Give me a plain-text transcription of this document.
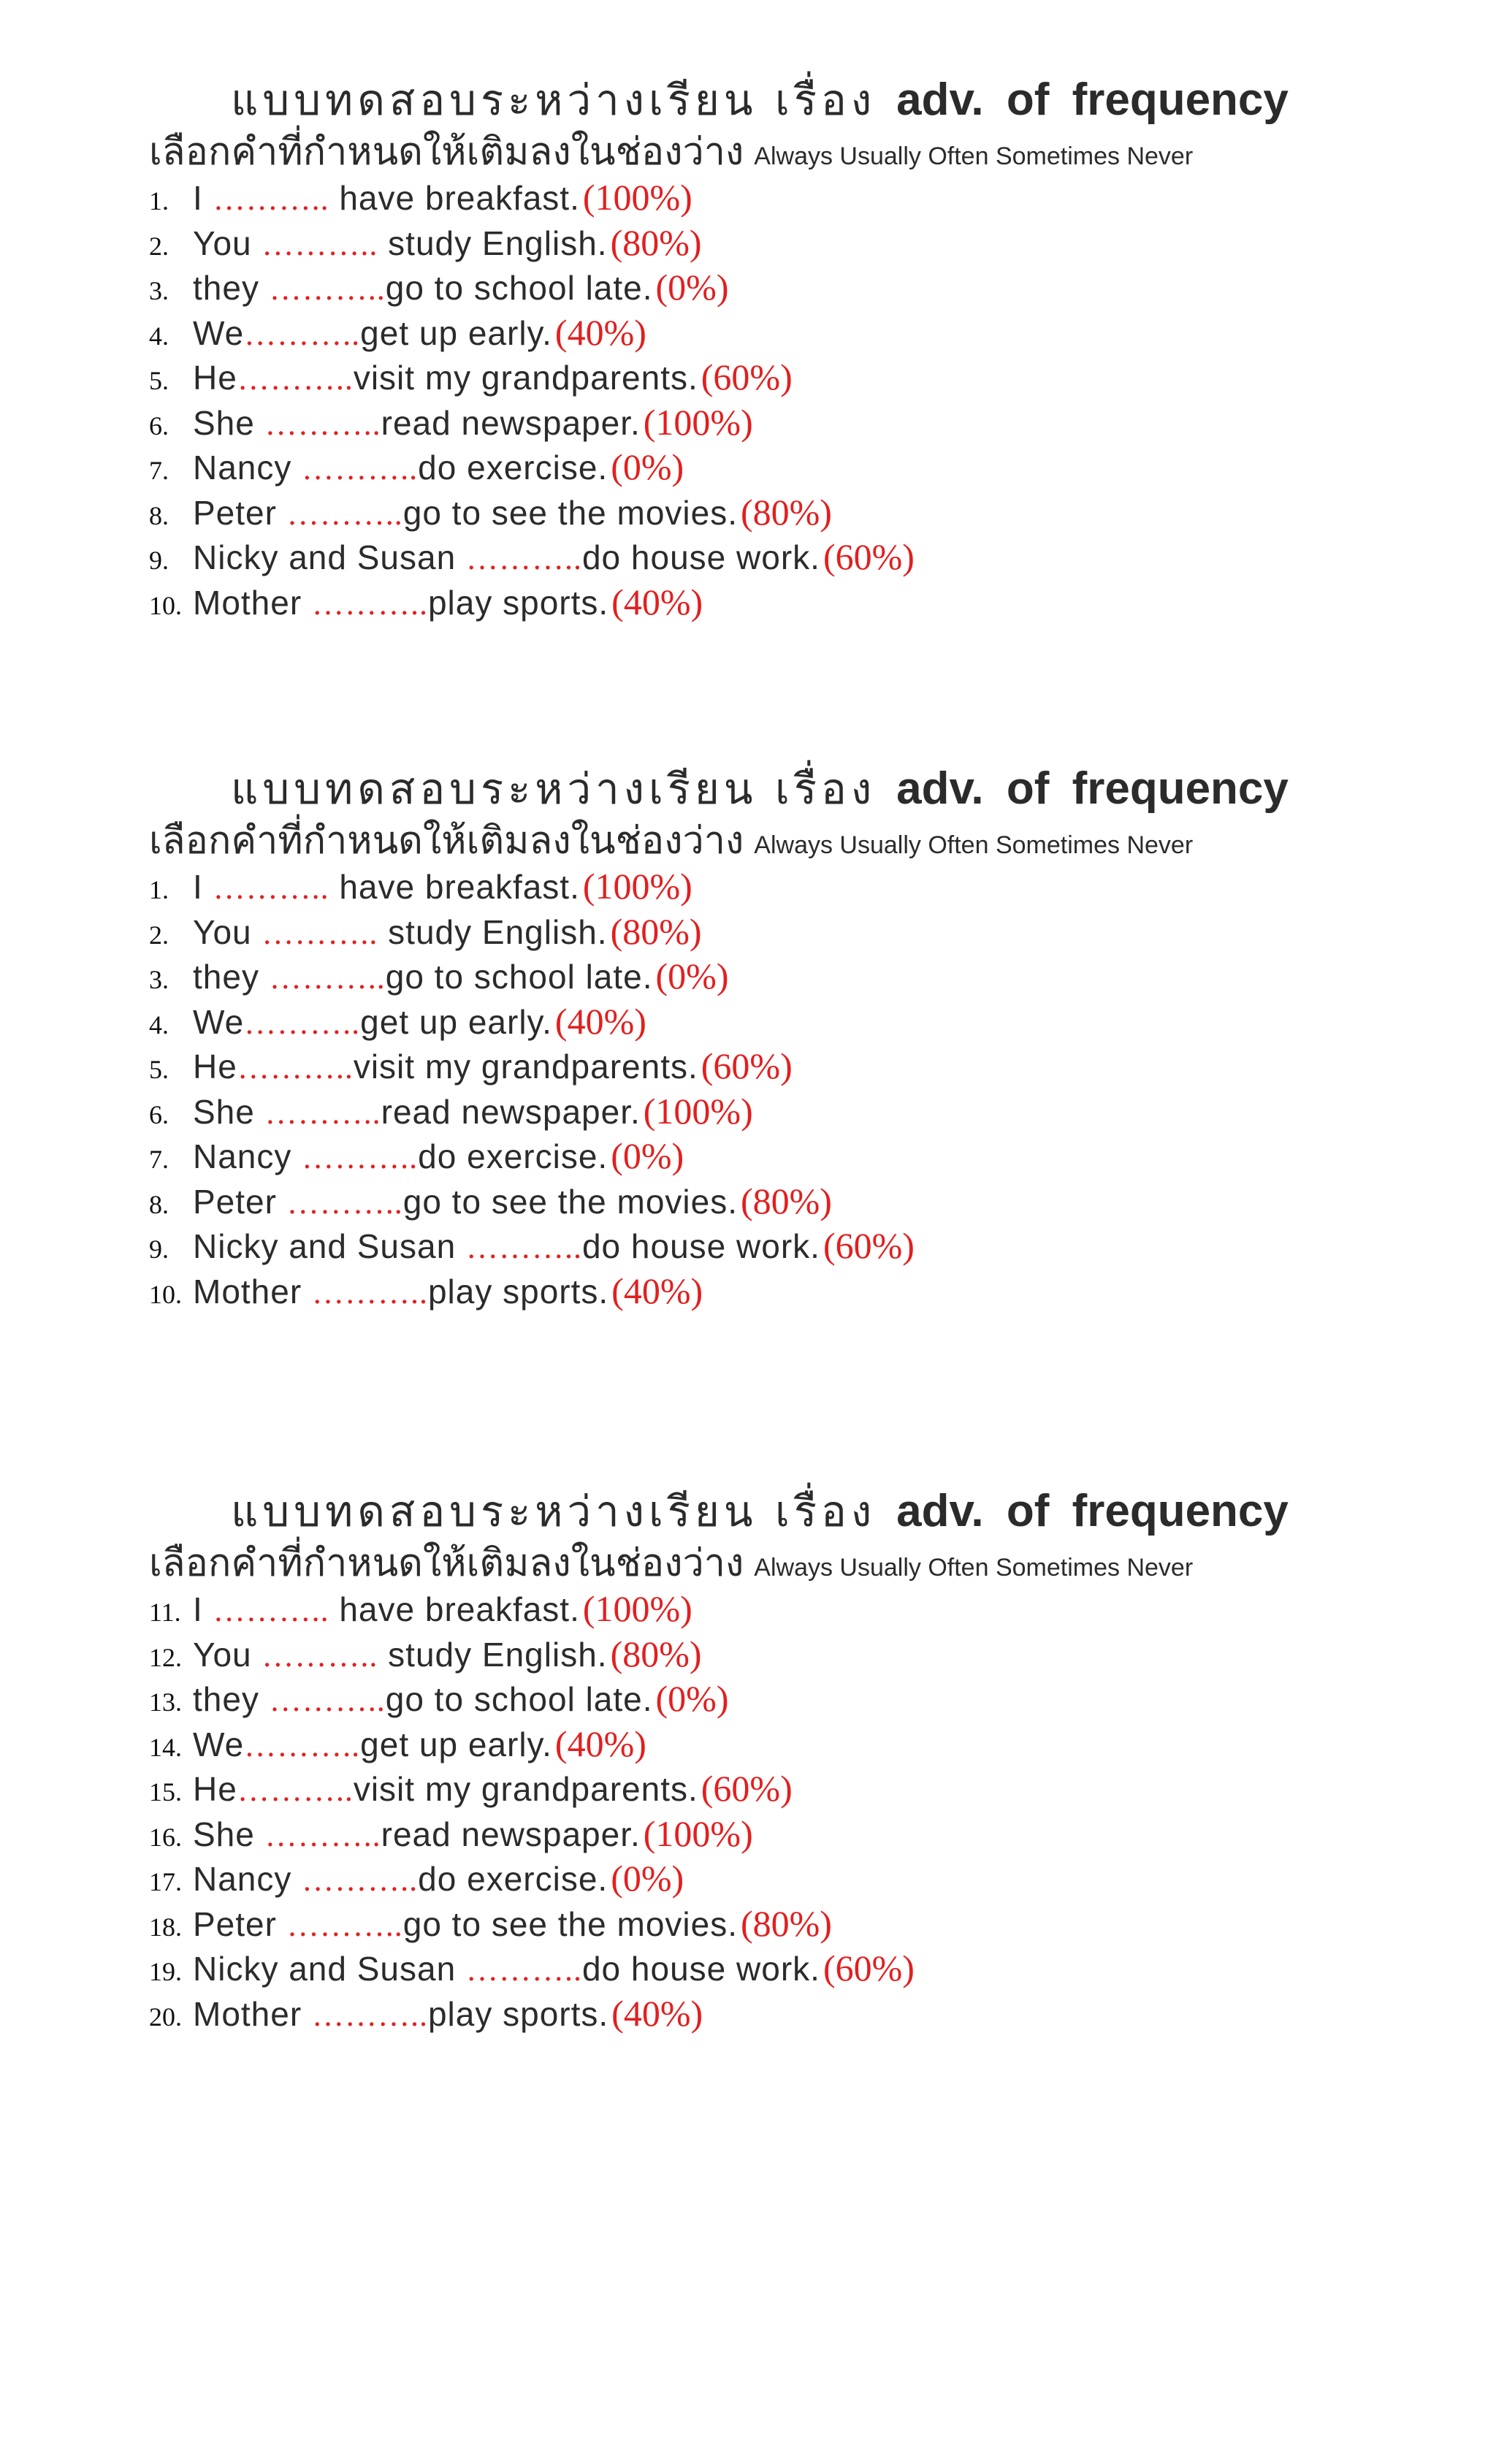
แบบทดสอบระหว่างเรียน เรื่อง adv. of frequency
เลือกคำที่กำหนดให้เติมลงในช่องว่าง Always Usually Often Sometimes Never
1. I ……….. have breakfast. (100%)
2. You ……….. study English. (80%)
3. they ………..go to school late. (0%)
4. We………..get up early. (40%)
5. He………..visit my grandparents. (60%)
6. She ………..read newspaper. (100%)
7. Nancy ………..do exercise. (0%)
8. Peter ………..go to see the movies. (80%)
9. Nicky and Susan ………..do house work. (60%)
10. Mother ………..play sports. (40%)
แบบทดสอบระหว่างเรียน เรื่อง adv. of frequency
เลือกคำที่กำหนดให้เติมลงในช่องว่าง Always Usually Often Sometimes Never
1. I ……….. have breakfast. (100%)
2. You ……….. study English. (80%)
3. they ………..go to school late. (0%)
4. We………..get up early. (40%)
5. He………..visit my grandparents. (60%)
6. She ………..read newspaper. (100%)
7. Nancy ………..do exercise. (0%)
8. Peter ………..go to see the movies. (80%)
9. Nicky and Susan ………..do house work. (60%)
10. Mother ………..play sports. (40%)
แบบทดสอบระหว่างเรียน เรื่อง adv. of frequency
เลือกคำที่กำหนดให้เติมลงในช่องว่าง Always Usually Often Sometimes Never
11. I ……….. have breakfast. (100%)
12. You ……….. study English. (80%)
13. they ………..go to school late. (0%)
14. We………..get up early. (40%)
15. He………..visit my grandparents. (60%)
16. She ………..read newspaper. (100%)
17. Nancy ………..do exercise. (0%)
18. Peter ………..go to see the movies. (80%)
19. Nicky and Susan ………..do house work. (60%)
20. Mother ………..play sports. (40%)
